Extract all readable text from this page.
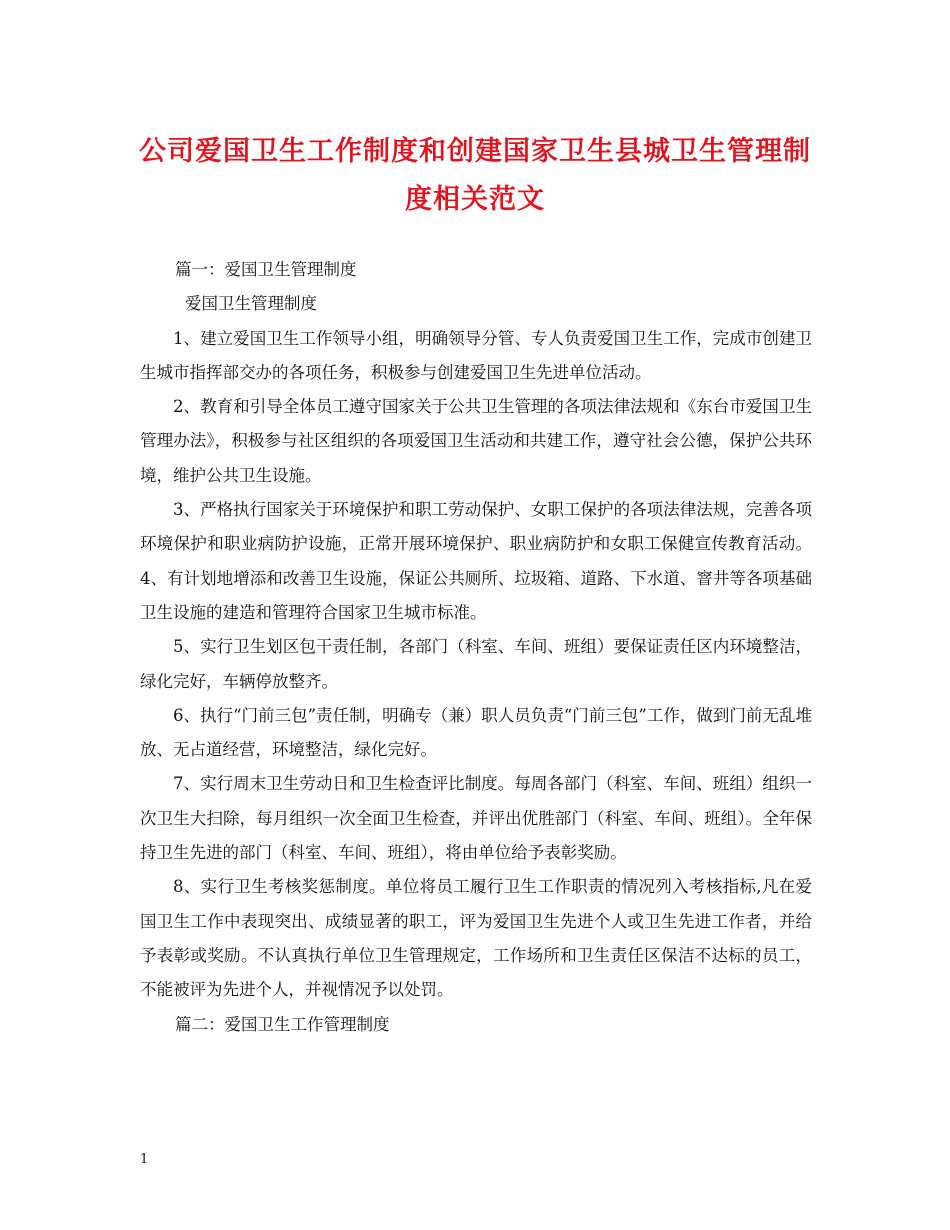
公司爱国卫生工作制度和创建国家卫生县城卫生管理制度相关范文

篇一：爱国卫生管理制度

爱国卫生管理制度

1、建立爱国卫生工作领导小组，明确领导分管、专人负责爱国卫生工作，完成市创建卫生城市指挥部交办的各项任务，积极参与创建爱国卫生先进单位活动。

2、教育和引导全体员工遵守国家关于公共卫生管理的各项法律法规和《东台市爱国卫生管理办法》，积极参与社区组织的各项爱国卫生活动和共建工作，遵守社会公德，保护公共环境，维护公共卫生设施。

3、严格执行国家关于环境保护和职工劳动保护、女职工保护的各项法律法规，完善各项环境保护和职业病防护设施，正常开展环境保护、职业病防护和女职工保健宣传教育活动。4、有计划地增添和改善卫生设施，保证公共厕所、垃圾箱、道路、下水道、窨井等各项基础卫生设施的建造和管理符合国家卫生城市标准。

5、实行卫生划区包干责任制，各部门（科室、车间、班组）要保证责任区内环境整洁，绿化完好，车辆停放整齐。

6、执行“门前三包”责任制，明确专（兼）职人员负责“门前三包”工作，做到门前无乱堆放、无占道经营，环境整洁，绿化完好。

7、实行周末卫生劳动日和卫生检查评比制度。每周各部门（科室、车间、班组）组织一次卫生大扫除，每月组织一次全面卫生检查，并评出优胜部门（科室、车间、班组）。全年保持卫生先进的部门（科室、车间、班组），将由单位给予表彰奖励。

8、实行卫生考核奖惩制度。单位将员工履行卫生工作职责的情况列入考核指标,凡在爱国卫生工作中表现突出、成绩显著的职工，评为爱国卫生先进个人或卫生先进工作者，并给予表彰或奖励。不认真执行单位卫生管理规定，工作场所和卫生责任区保洁不达标的员工，不能被评为先进个人，并视情况予以处罚。

篇二：爱国卫生工作管理制度

1
